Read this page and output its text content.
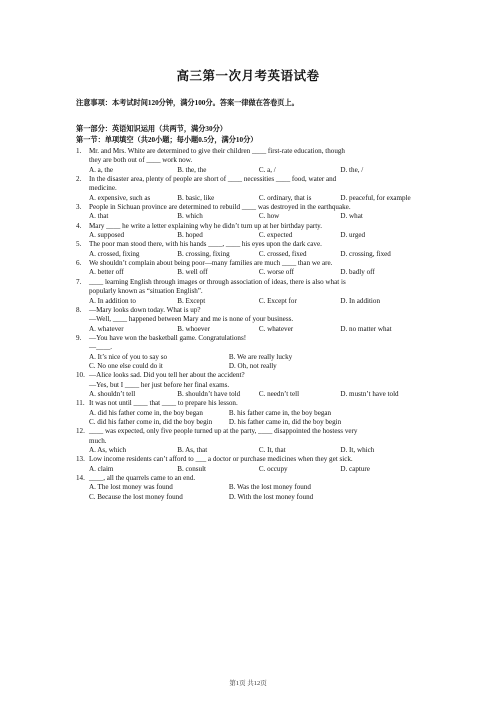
高三第一次月考英语试卷
注意事项：本考试时间120分钟，满分100分。答案一律做在答卷页上。
第一部分：英语知识运用（共两节，满分30分）
第一节：单项填空（共20小题；每小题0.5分，满分10分）
1. Mr. and Mrs. White are determined to give their children ____ first-rate education, though
they are both out of ____ work now.
A. a, the	B. the, the	C. a, /	D. the, /
2. In the disaster area, plenty of people are short of ____ necessities ____ food, water and
medicine.
A. expensive, such as	B. basic, like	C. ordinary, that is	D. peaceful, for example
3. People in Sichuan province are determined to rebuild ____ was destroyed in the earthquake.
A. that	B. which	C. how	D. what
4. Mary ____ he write a letter explaining why he didn’t turn up at her birthday party.
A. supposed	B. hoped	C. expected	D. urged
5. The poor man stood there, with his hands ____, ____ his eyes upon the dark cave.
A. crossed, fixing	B. crossing, fixing	C. crossed, fixed	D. crossing, fixed
6. We shouldn’t complain about being poor—many families are much ____ than we are.
A. better off	B. well off	C. worse off	D. badly off
7. ____ learning English through images or through association of ideas, there is also what is
popularly known as “situation English”.
A. In addition to	B. Except	C. Except for	D. In addition
8. —Mary looks down today. What is up?
—Well, ____ happened between Mary and me is none of your business.
A. whatever	B. whoever	C. whatever	D. no matter what
9. —You have won the basketball game. Congratulations!
—____.
A. It’s nice of you to say so	B. We are really lucky
C. No one else could do it	D. Oh, not really
10. —Alice looks sad. Did you tell her about the accident?
—Yes, but I ____ her just before her final exams.
A. shouldn’t tell	B. shouldn’t have told	C. needn’t tell	D. mustn’t have told
11. It was not until ____ that ____ to prepare his lesson.
A. did his father come in, the boy began	B. his father came in, the boy began
C. did his father come in, did the boy begin	D. his father came in, did the boy begin
12. ____ was expected, only five people turned up at the party, ____ disappointed the hostess very
much.
A. As, which	B. As, that	C. It, that	D. It, which
13. Low income residents can’t afford to ___ a doctor or purchase medicines when they get sick.
A. claim	B. consult	C. occupy	D. capture
14. ____, all the quarrels came to an end.
A. The lost money was found	B. Was the lost money found
C. Because the lost money found	D. With the lost money found
第1页 共12页
